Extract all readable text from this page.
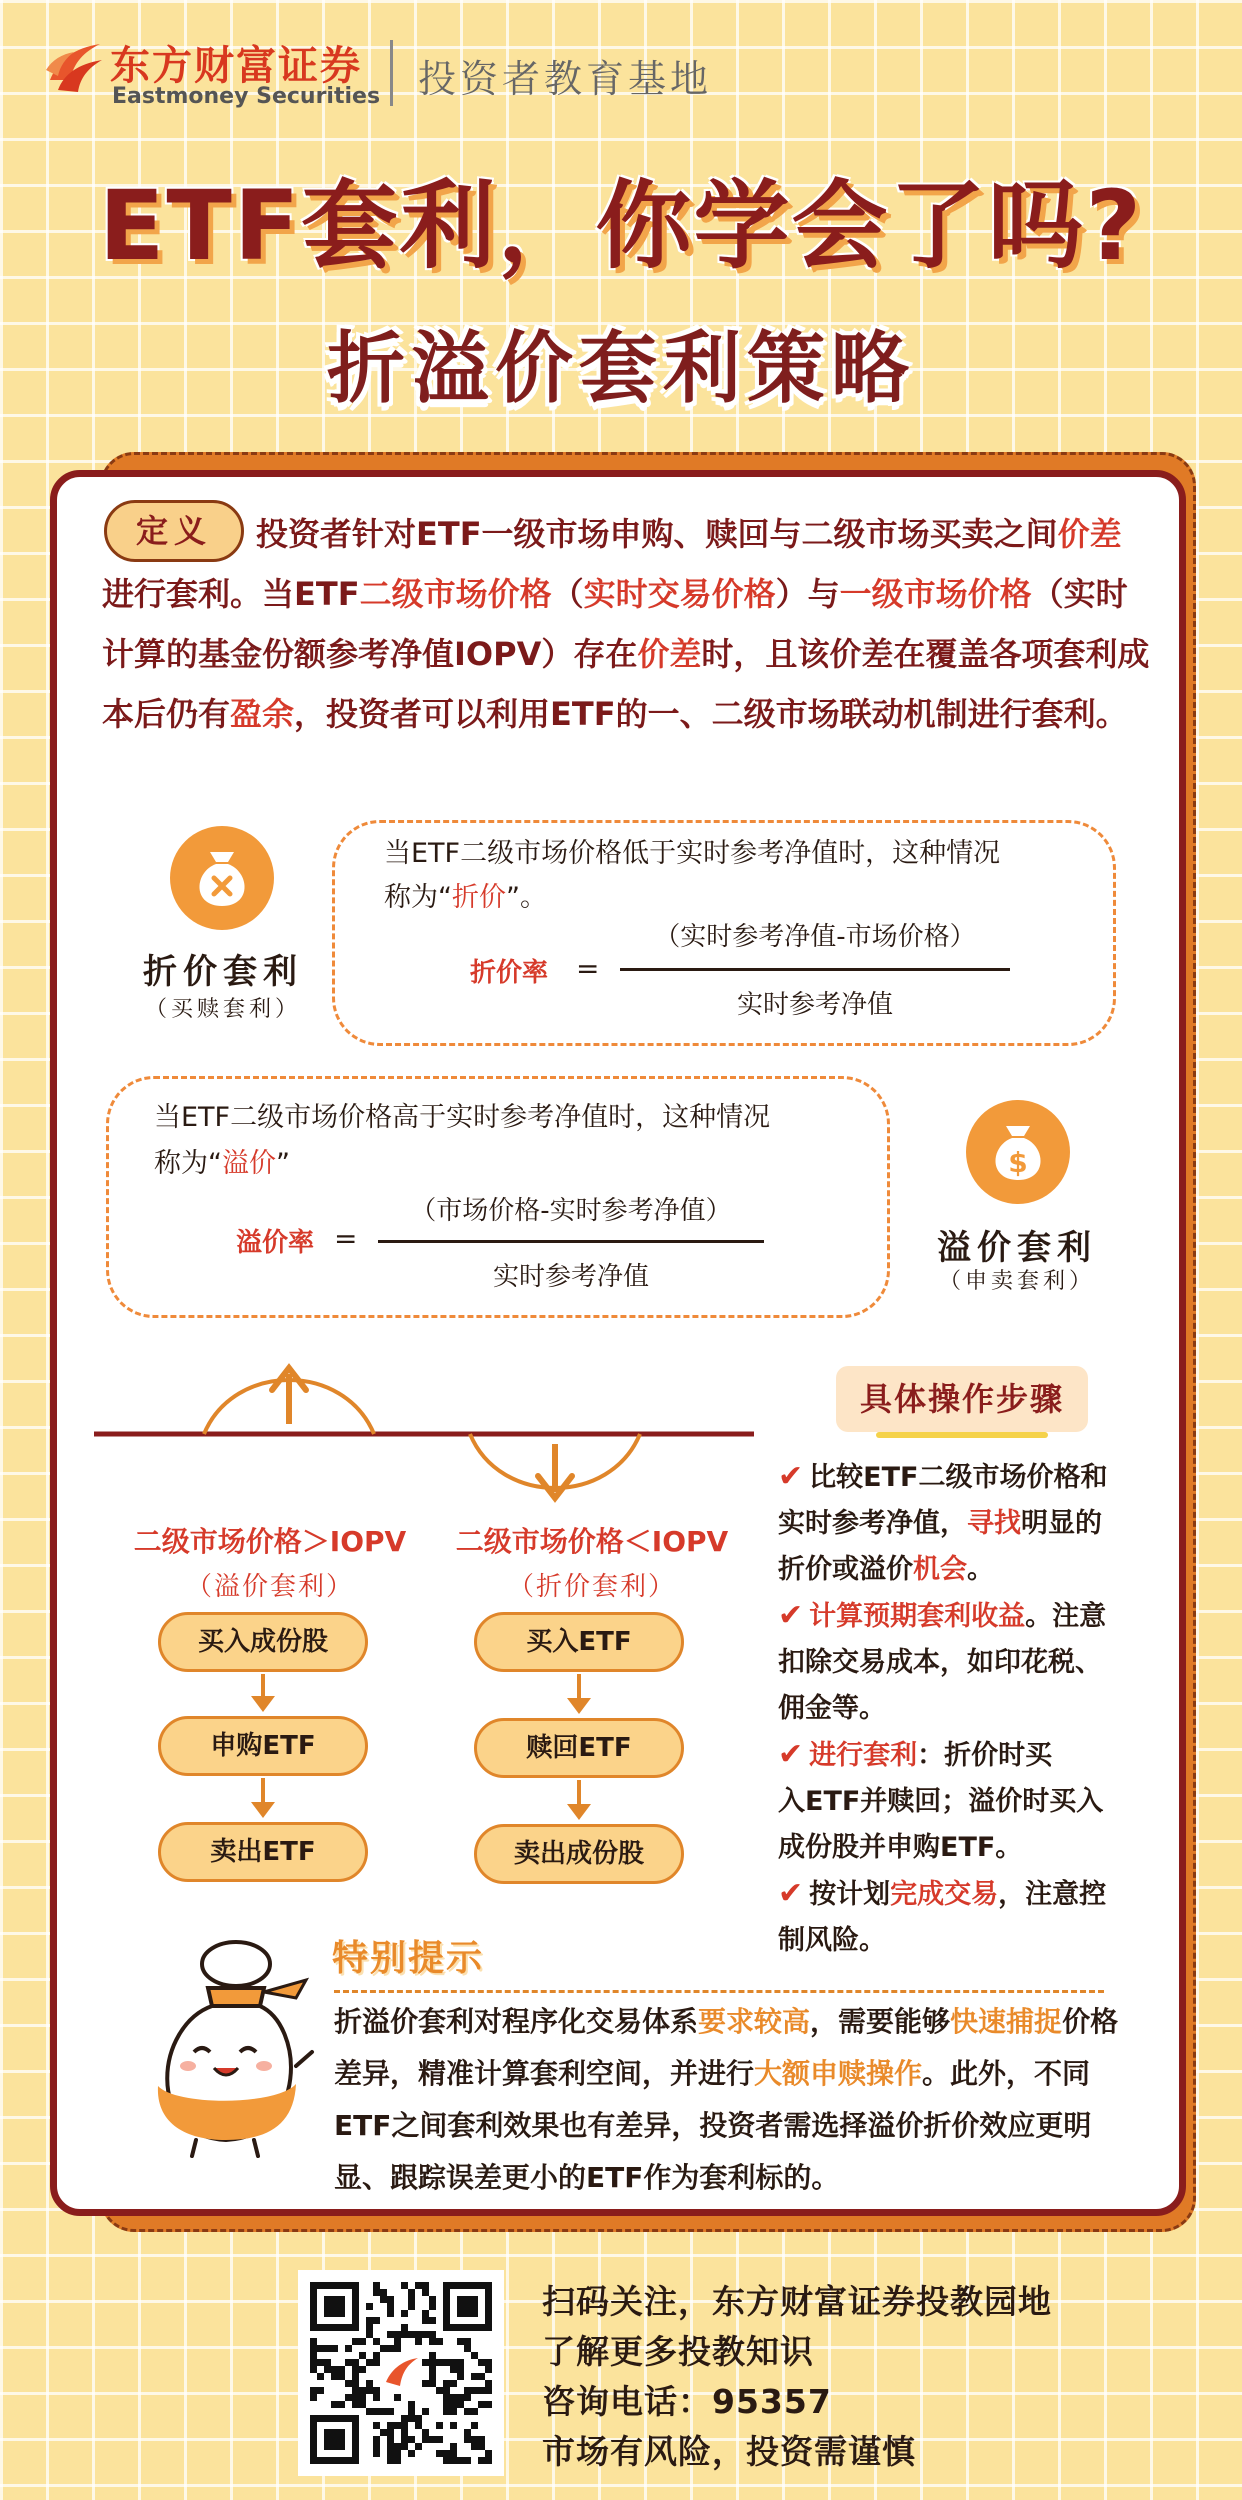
东方财富证券
Eastmoney Securities 投资者教育基地
ETF套利，你学会了吗?
折溢价套利策略
投资者针对ETF一级市场申购、赎回与二级市场买卖之间价差进行套利。当ETF二级市场价格（实时交易价格）与一级市场价格（实时计算的基金份额参考净值IOPV）存在价差时，且该价差在覆盖各项套利成本后仍有盈余，投资者可以利用ETF的一、二级市场联动机制进行套利。
定义
折价套利
（买赎套利）
当ETF二级市场价格低于实时参考净值时，这种情况
称为“折价”。
折价率 =
（实时参考净值-市场价格）
实时参考净值
当ETF二级市场价格高于实时参考净值时，这种情况
称为“溢价”
溢价率 =
（市场价格-实时参考净值）
实时参考净值
$
溢价套利
（申卖套利）
二级市场价格＞IOPV
（溢价套利）
二级市场价格＜IOPV
（折价套利）
买入成份股
申购ETF
卖出ETF
买入ETF
赎回ETF
卖出成份股
具体操作步骤
✔ 比较ETF二级市场价格和
实时参考净值，寻找明显的
折价或溢价机会。
✔ 计算预期套利收益。注意
扣除交易成本，如印花税、
佣金等。
✔ 进行套利：折价时买
入ETF并赎回；溢价时买入
成份股并申购ETF。
✔ 按计划完成交易，注意控
制风险。
特别提示
折溢价套利对程序化交易体系要求较高，需要能够快速捕捉价格差异，精准计算套利空间，并进行大额申赎操作。此外，不同ETF之间套利效果也有差异，投资者需选择溢价折价效应更明显、跟踪误差更小的ETF作为套利标的。
扫码关注，东方财富证券投教园地
了解更多投教知识
咨询电话：95357
市场有风险，投资需谨慎
